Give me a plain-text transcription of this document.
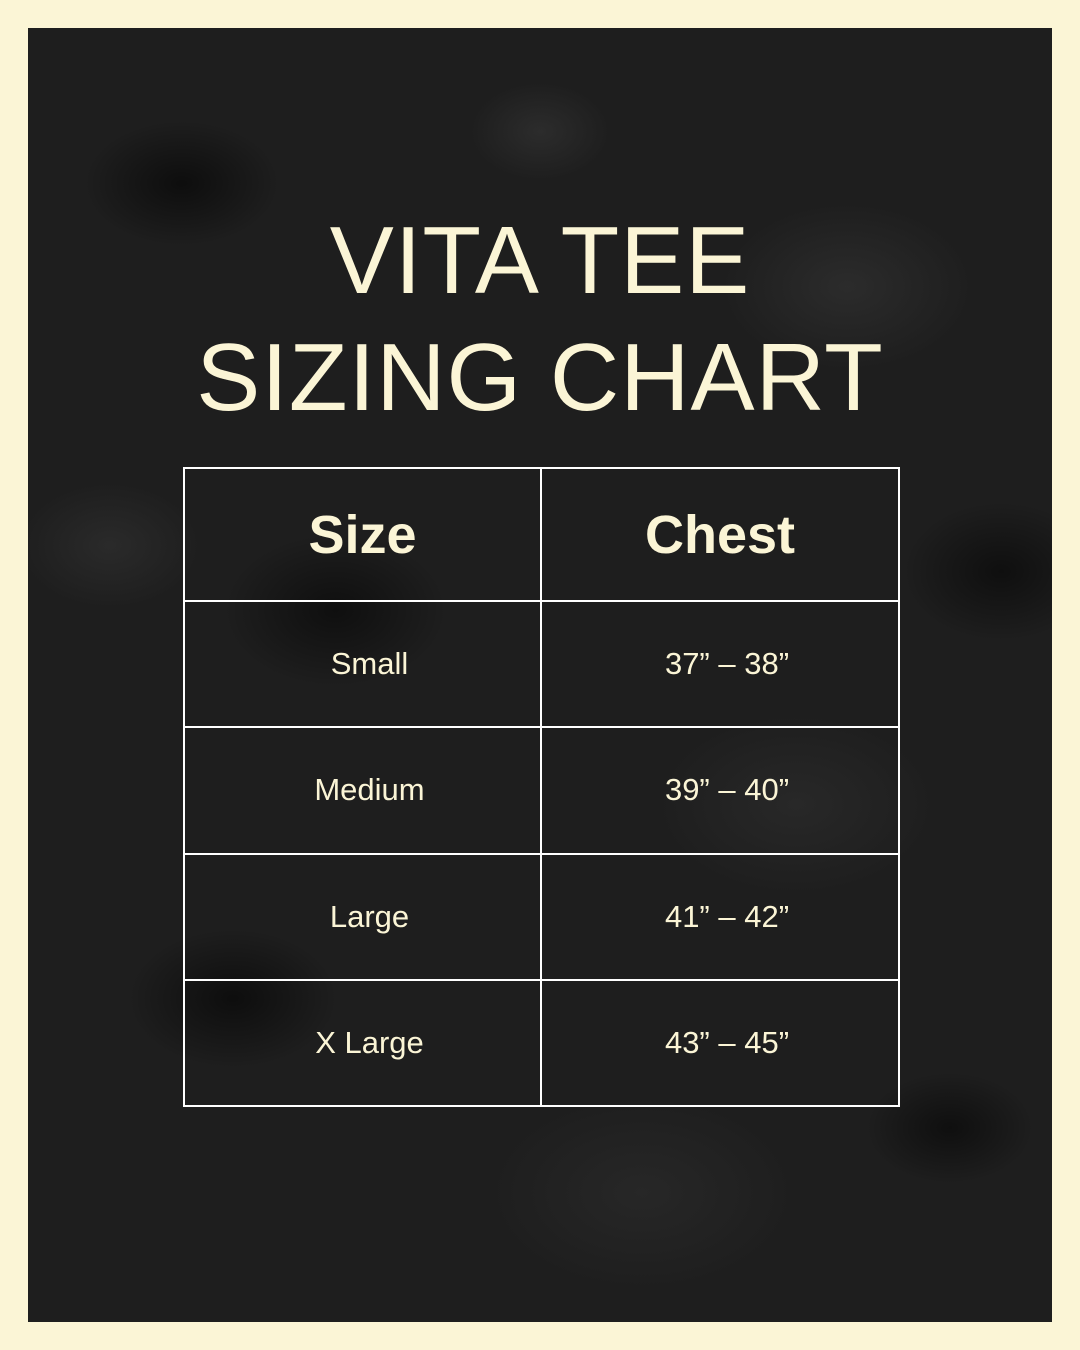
VITA TEE
SIZING CHART
Size	Chest
Small	37” – 38”
Medium	39” – 40”
Large	41” – 42”
X Large	43” – 45”
